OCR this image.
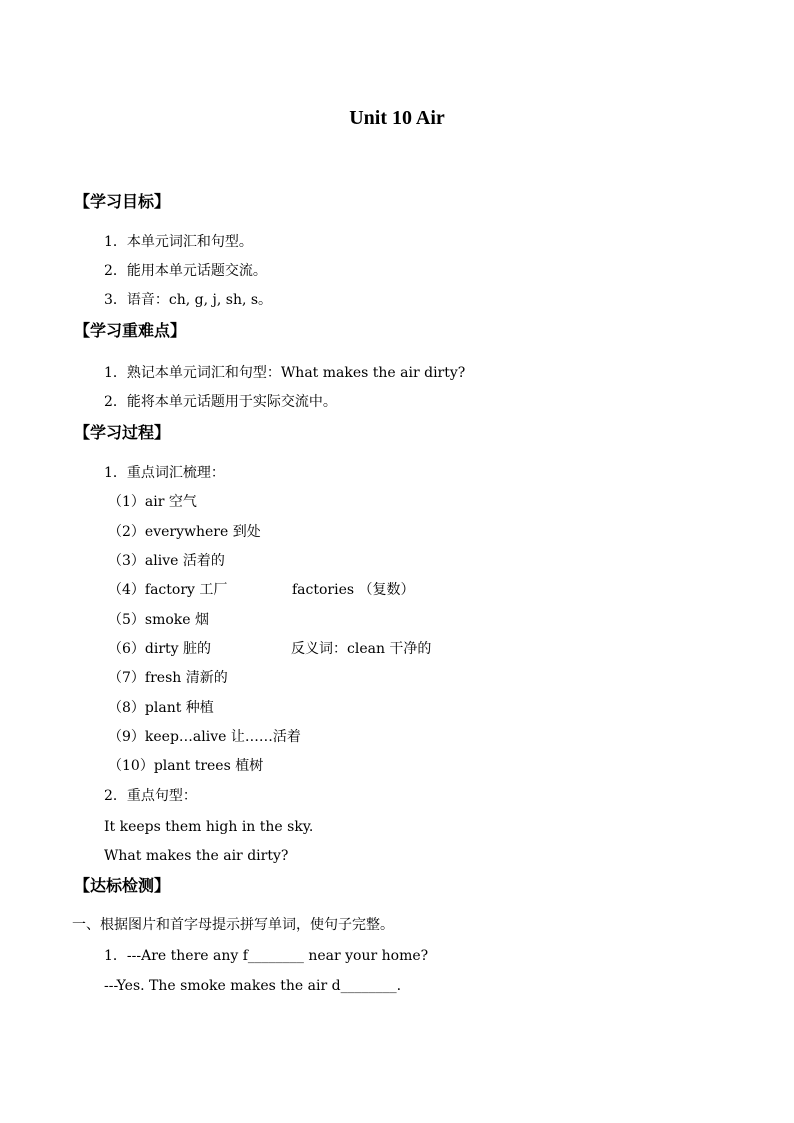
Unit 10 Air
【学习目标】
1．本单元词汇和句型。
2．能用本单元话题交流。
3．语音：ch, g, j, sh, s。
【学习重难点】
1．熟记本单元词汇和句型：What makes the air dirty?
2．能将本单元话题用于实际交流中。
【学习过程】
1．重点词汇梳理：
（1）air 空气
（2）everywhere 到处
（3）alive 活着的
（4）factory 工厂	factories （复数）
（5）smoke 烟
（6）dirty 脏的	反义词：clean 干净的
（7）fresh 清新的
（8）plant 种植
（9）keep…alive 让……活着
（10）plant trees 植树
2．重点句型：
It keeps them high in the sky.
What makes the air dirty?
【达标检测】
一、根据图片和首字母提示拼写单词，使句子完整。
1．---Are there any f________ near your home?
---Yes. The smoke makes the air d________.
